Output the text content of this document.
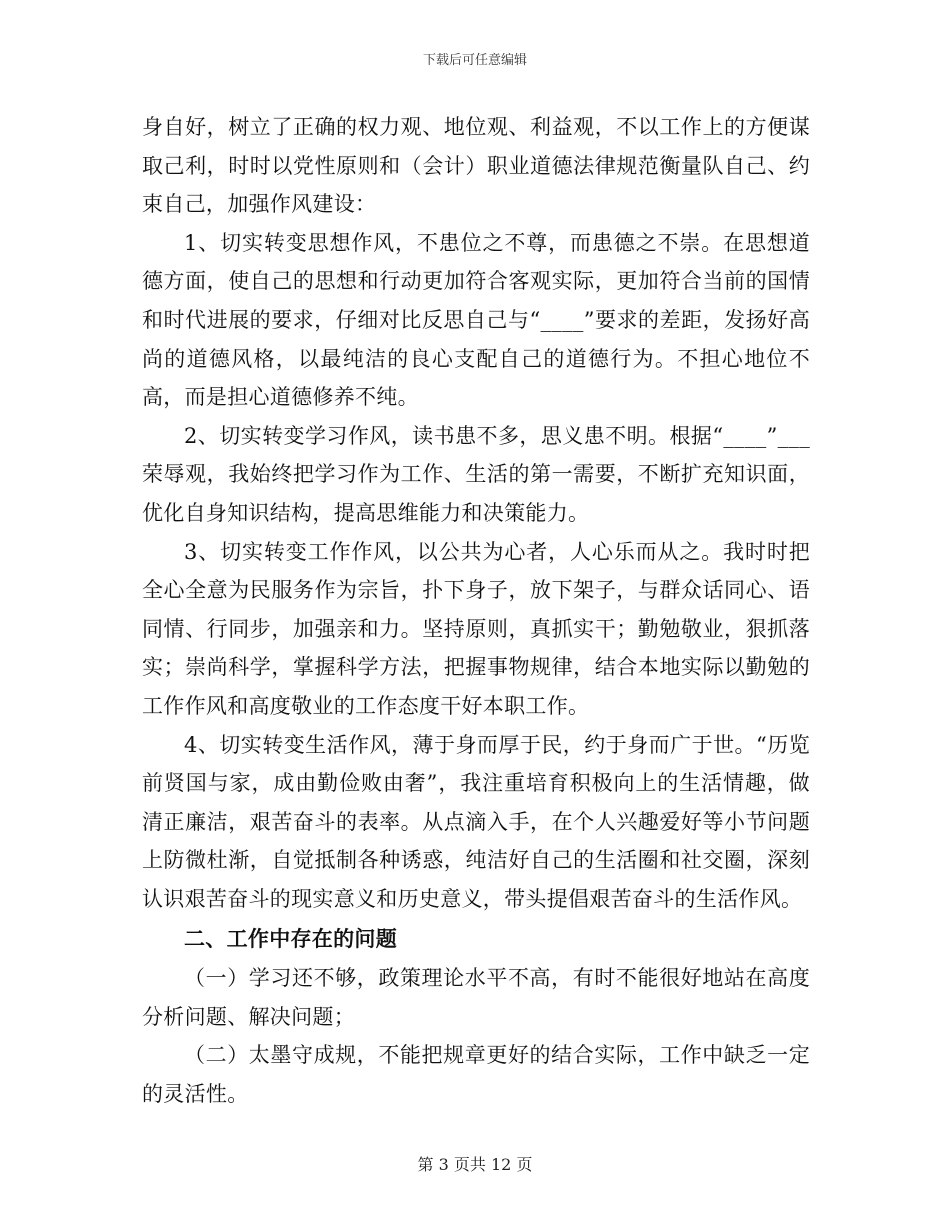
下载后可任意编辑

身自好，树立了正确的权力观、地位观、利益观，不以工作上的方便谋取己利，时时以党性原则和（会计）职业道德法律规范衡量队自己、约束自己，加强作风建设：

1、切实转变思想作风，不患位之不尊，而患德之不崇。在思想道德方面，使自己的思想和行动更加符合客观实际，更加符合当前的国情和时代进展的要求，仔细对比反思自己与“____”要求的差距，发扬好高尚的道德风格，以最纯洁的良心支配自己的道德行为。不担心地位不高，而是担心道德修养不纯。

2、切实转变学习作风，读书患不多，思义患不明。根据“____”___荣辱观，我始终把学习作为工作、生活的第一需要，不断扩充知识面，优化自身知识结构，提高思维能力和决策能力。

3、切实转变工作作风，以公共为心者，人心乐而从之。我时时把全心全意为民服务作为宗旨，扑下身子，放下架子，与群众话同心、语同情、行同步，加强亲和力。坚持原则，真抓实干；勤勉敬业，狠抓落实；崇尚科学，掌握科学方法，把握事物规律，结合本地实际以勤勉的工作作风和高度敬业的工作态度干好本职工作。

4、切实转变生活作风，薄于身而厚于民，约于身而广于世。“历览前贤国与家，成由勤俭败由奢”，我注重培育积极向上的生活情趣，做清正廉洁，艰苦奋斗的表率。从点滴入手，在个人兴趣爱好等小节问题上防微杜渐，自觉抵制各种诱惑，纯洁好自己的生活圈和社交圈，深刻认识艰苦奋斗的现实意义和历史意义，带头提倡艰苦奋斗的生活作风。

二、工作中存在的问题

（一）学习还不够，政策理论水平不高，有时不能很好地站在高度分析问题、解决问题；

（二）太墨守成规，不能把规章更好的结合实际，工作中缺乏一定的灵活性。

第 3 页共 12 页
